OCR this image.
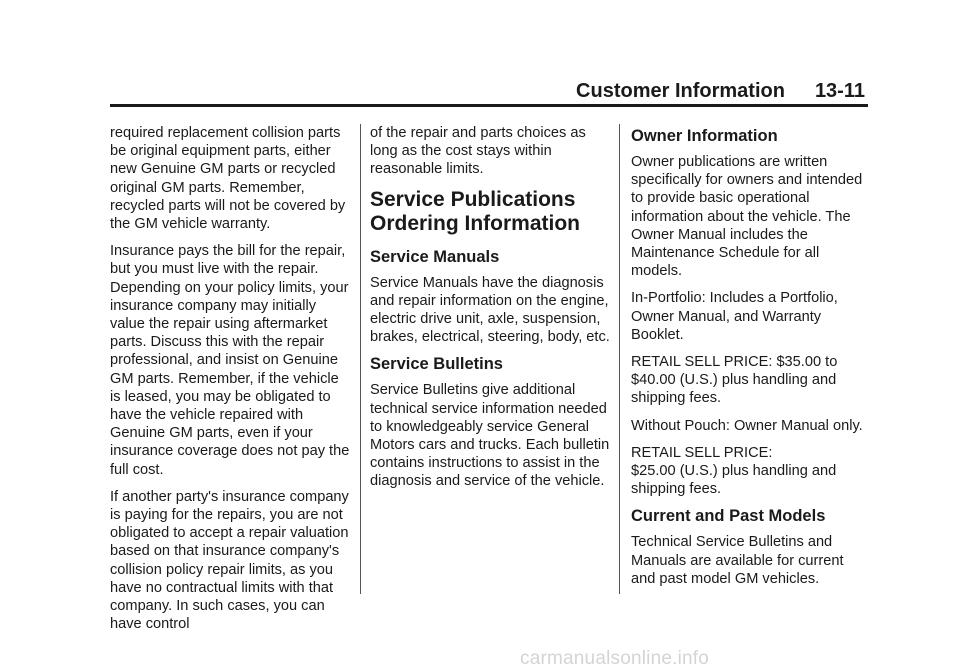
Customer Information 13-11

required replacement collision parts be original equipment parts, either new Genuine GM parts or recycled original GM parts. Remember, recycled parts will not be covered by the GM vehicle warranty.

Insurance pays the bill for the repair, but you must live with the repair. Depending on your policy limits, your insurance company may initially value the repair using aftermarket parts. Discuss this with the repair professional, and insist on Genuine GM parts. Remember, if the vehicle is leased, you may be obligated to have the vehicle repaired with Genuine GM parts, even if your insurance coverage does not pay the full cost.

If another party's insurance company is paying for the repairs, you are not obligated to accept a repair valuation based on that insurance company's collision policy repair limits, as you have no contractual limits with that company. In such cases, you can have control

of the repair and parts choices as long as the cost stays within reasonable limits.

Service Publications Ordering Information
Service Manuals

Service Manuals have the diagnosis and repair information on the engine, electric drive unit, axle, suspension, brakes, electrical, steering, body, etc.

Service Bulletins

Service Bulletins give additional technical service information needed to knowledgeably service General Motors cars and trucks. Each bulletin contains instructions to assist in the diagnosis and service of the vehicle.

Owner Information

Owner publications are written specifically for owners and intended to provide basic operational information about the vehicle. The Owner Manual includes the Maintenance Schedule for all models.

In-Portfolio: Includes a Portfolio, Owner Manual, and Warranty Booklet.

RETAIL SELL PRICE: $35.00 to $40.00 (U.S.) plus handling and shipping fees.

Without Pouch: Owner Manual only.

RETAIL SELL PRICE:
$25.00 (U.S.) plus handling and shipping fees.

Current and Past Models

Technical Service Bulletins and Manuals are available for current and past model GM vehicles.

carmanualsonline.info
